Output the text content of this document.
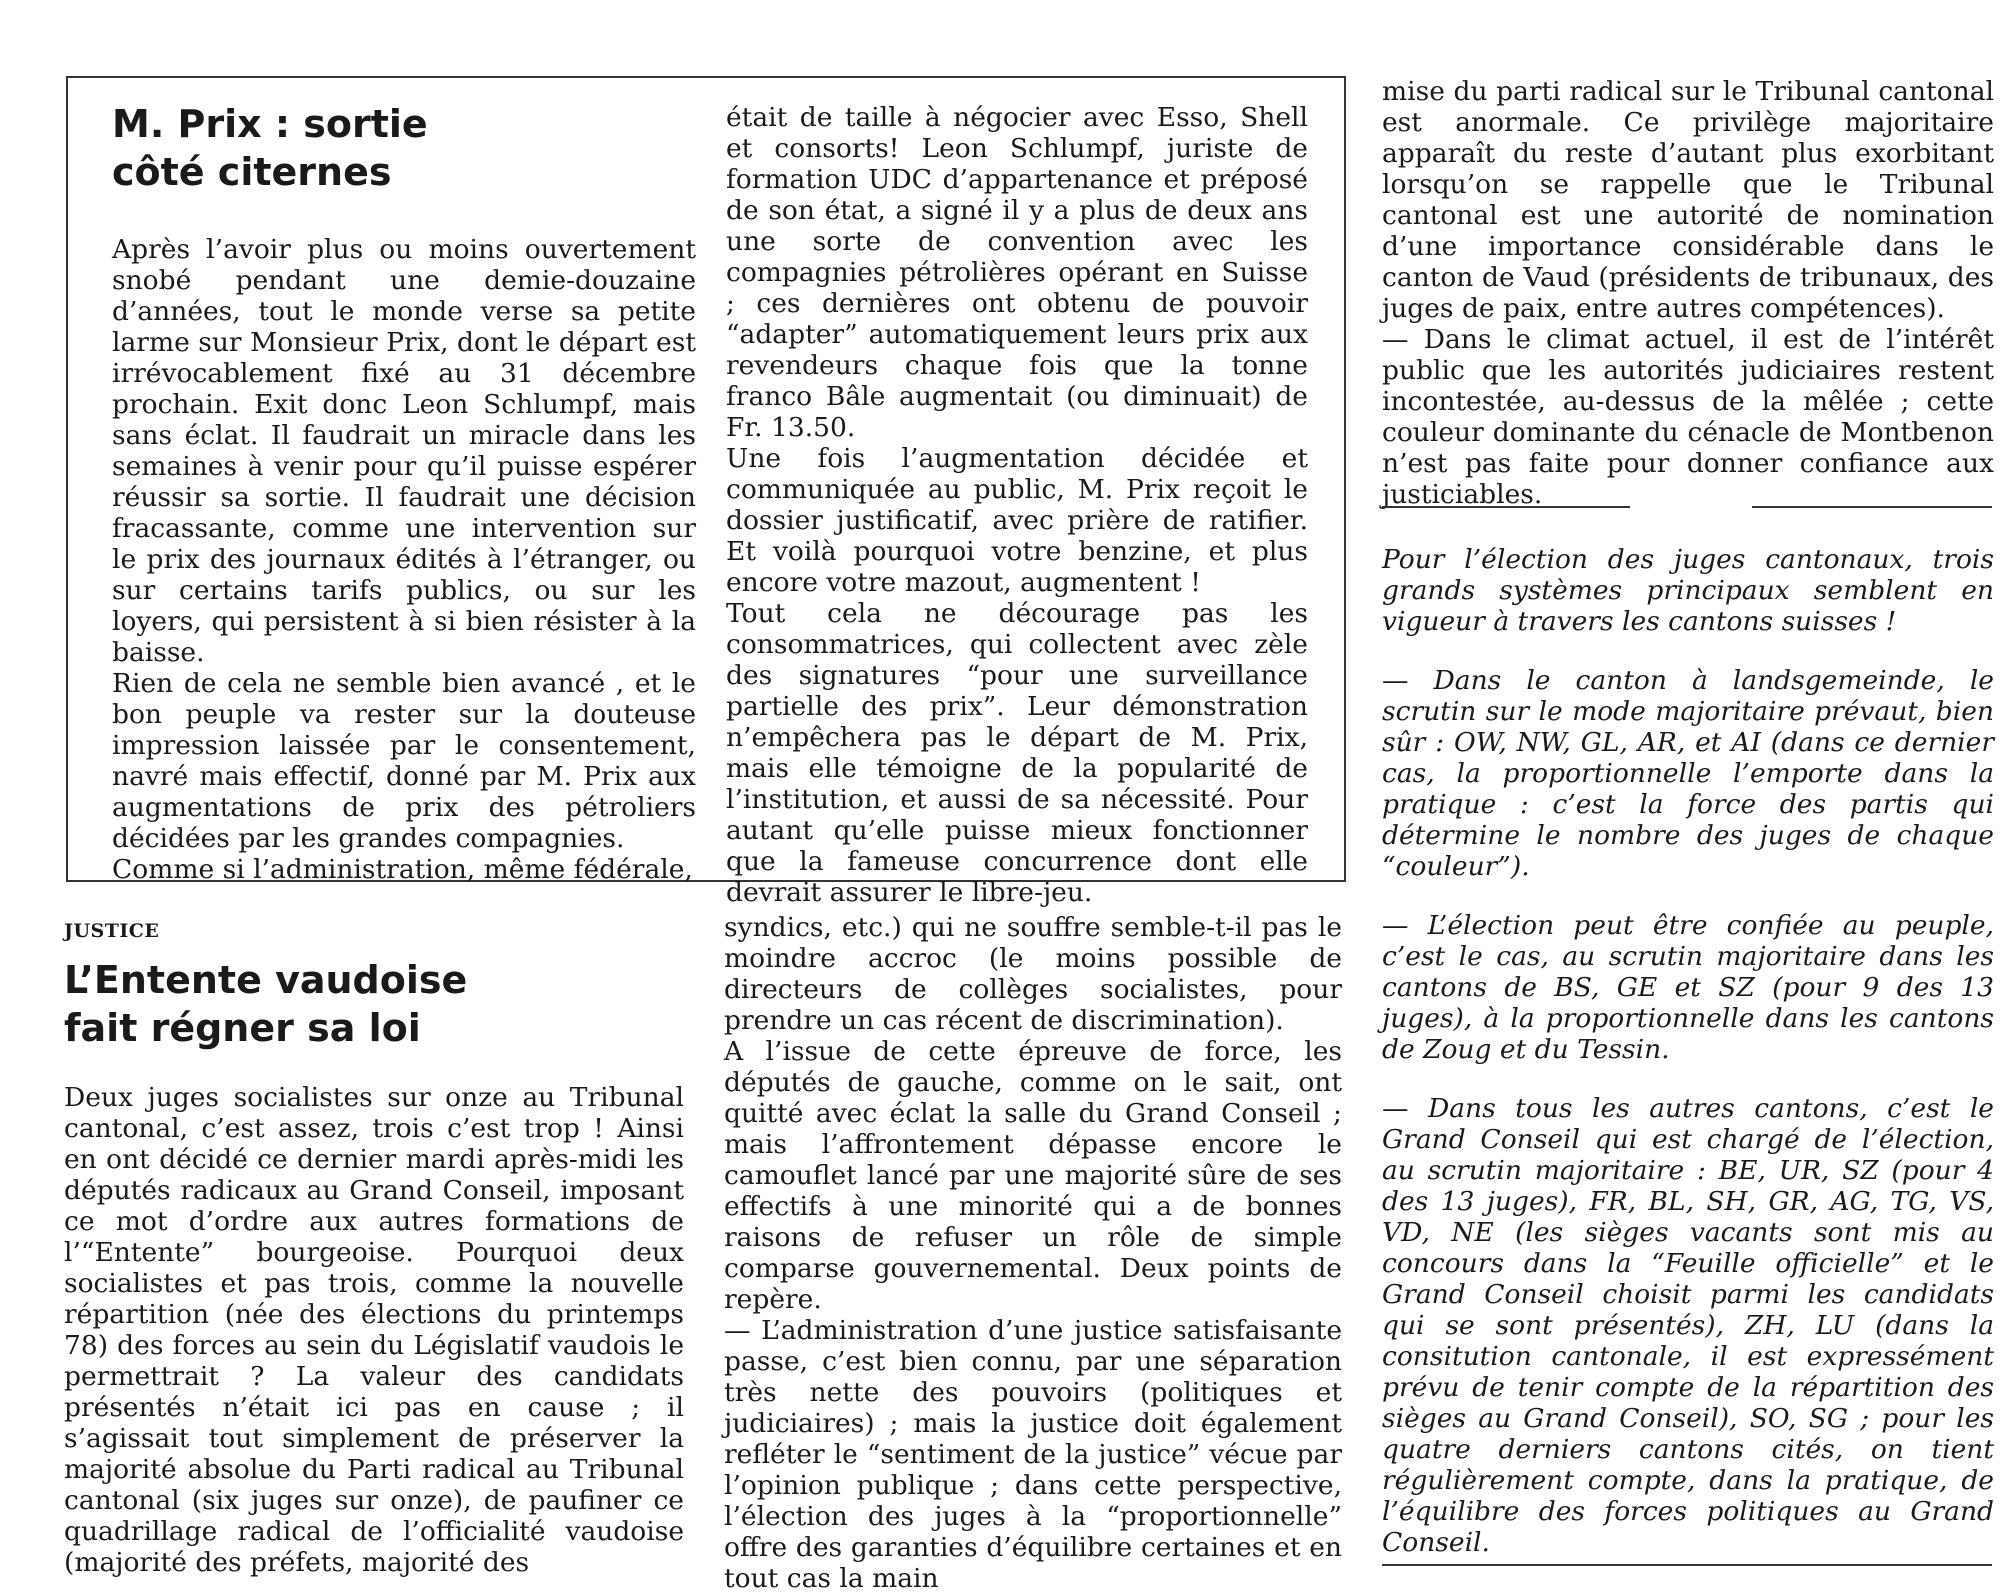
M. Prix : sortie
côté citernes

Après l’avoir plus ou moins ouvertement snobé pendant une demie-douzaine d’années, tout le monde verse sa petite larme sur Monsieur Prix, dont le départ est irrévocablement fixé au 31 décembre prochain. Exit donc Leon Schlumpf, mais sans éclat. Il faudrait un miracle dans les semaines à venir pour qu’il puisse espérer réussir sa sortie. Il faudrait une décision fracassante, comme une intervention sur le prix des journaux édités à l’étranger, ou sur certains tarifs publics, ou sur les loyers, qui persistent à si bien résister à la baisse.

Rien de cela ne semble bien avancé , et le bon peuple va rester sur la douteuse impression laissée par le consentement, navré mais effectif, donné par M. Prix aux augmentations de prix des pétroliers décidées par les grandes compagnies.

Comme si l’administration, même fédérale,

était de taille à négocier avec Esso, Shell et consorts! Leon Schlumpf, juriste de formation UDC d’appartenance et préposé de son état, a signé il y a plus de deux ans une sorte de convention avec les compagnies pétrolières opérant en Suisse ; ces dernières ont obtenu de pouvoir “adapter” automatiquement leurs prix aux revendeurs chaque fois que la tonne franco Bâle augmentait (ou diminuait) de Fr. 13.50.

Une fois l’augmentation décidée et communiquée au public, M. Prix reçoit le dossier justificatif, avec prière de ratifier. Et voilà pourquoi votre benzine, et plus encore votre mazout, augmentent !

Tout cela ne décourage pas les consommatrices, qui collectent avec zèle des signatures “pour une surveillance partielle des prix”. Leur démonstration n’empêchera pas le départ de M. Prix, mais elle témoigne de la popularité de l’institution, et aussi de sa nécessité. Pour autant qu’elle puisse mieux fonctionner que la fameuse concurrence dont elle devrait assurer le libre-jeu.

JUSTICE
L’Entente vaudoise
fait régner sa loi

Deux juges socialistes sur onze au Tribunal cantonal, c’est assez, trois c’est trop ! Ainsi en ont décidé ce dernier mardi après-midi les députés radicaux au Grand Conseil, imposant ce mot d’ordre aux autres formations de l’“Entente” bourgeoise. Pourquoi deux socialistes et pas trois, comme la nouvelle répartition (née des élections du printemps 78) des forces au sein du Législatif vaudois le permettrait ? La valeur des candidats présentés n’était ici pas en cause ; il s’agissait tout simplement de préserver la majorité absolue du Parti radical au Tribunal cantonal (six juges sur onze), de paufiner ce quadrillage radical de l’officialité vaudoise (majorité des préfets, majorité des

syndics, etc.) qui ne souffre semble-t-il pas le moindre accroc (le moins possible de directeurs de collèges socialistes, pour prendre un cas récent de discrimination).

A l’issue de cette épreuve de force, les députés de gauche, comme on le sait, ont quitté avec éclat la salle du Grand Conseil ; mais l’affrontement dépasse encore le camouflet lancé par une majorité sûre de ses effectifs à une minorité qui a de bonnes raisons de refuser un rôle de simple comparse gouvernemental. Deux points de repère.

— L’administration d’une justice satisfaisante passe, c’est bien connu, par une séparation très nette des pouvoirs (politiques et judiciaires) ; mais la justice doit également refléter le “sentiment de la justice” vécue par l’opinion publique ; dans cette perspective, l’élection des juges à la “proportionnelle” offre des garanties d’équilibre certaines et en tout cas la main

mise du parti radical sur le Tribunal cantonal est anormale. Ce privilège majoritaire apparaît du reste d’autant plus exorbitant lorsqu’on se rappelle que le Tribunal cantonal est une autorité de nomination d’une importance considérable dans le canton de Vaud (présidents de tribunaux, des juges de paix, entre autres compétences).

— Dans le climat actuel, il est de l’intérêt public que les autorités judiciaires restent incontestée, au-dessus de la mêlée ; cette couleur dominante du cénacle de Montbenon n’est pas faite pour donner confiance aux justiciables.

Pour l’élection des juges cantonaux, trois grands systèmes principaux semblent en vigueur à travers les cantons suisses !

— Dans le canton à landsgemeinde, le scrutin sur le mode majoritaire prévaut, bien sûr : OW, NW, GL, AR, et AI (dans ce dernier cas, la proportionnelle l’emporte dans la pratique : c’est la force des partis qui détermine le nombre des juges de chaque “couleur”).

— L’élection peut être confiée au peuple, c’est le cas, au scrutin majoritaire dans les cantons de BS, GE et SZ (pour 9 des 13 juges), à la proportionnelle dans les cantons de Zoug et du Tessin.

— Dans tous les autres cantons, c’est le Grand Conseil qui est chargé de l’élection, au scrutin majoritaire : BE, UR, SZ (pour 4 des 13 juges), FR, BL, SH, GR, AG, TG, VS, VD, NE (les sièges vacants sont mis au concours dans la “Feuille officielle” et le Grand Conseil choisit parmi les candidats qui se sont présentés), ZH, LU (dans la consitution cantonale, il est expressément prévu de tenir compte de la répartition des sièges au Grand Conseil), SO, SG ; pour les quatre derniers cantons cités, on tient régulièrement compte, dans la pratique, de l’équilibre des forces politiques au Grand Conseil.
